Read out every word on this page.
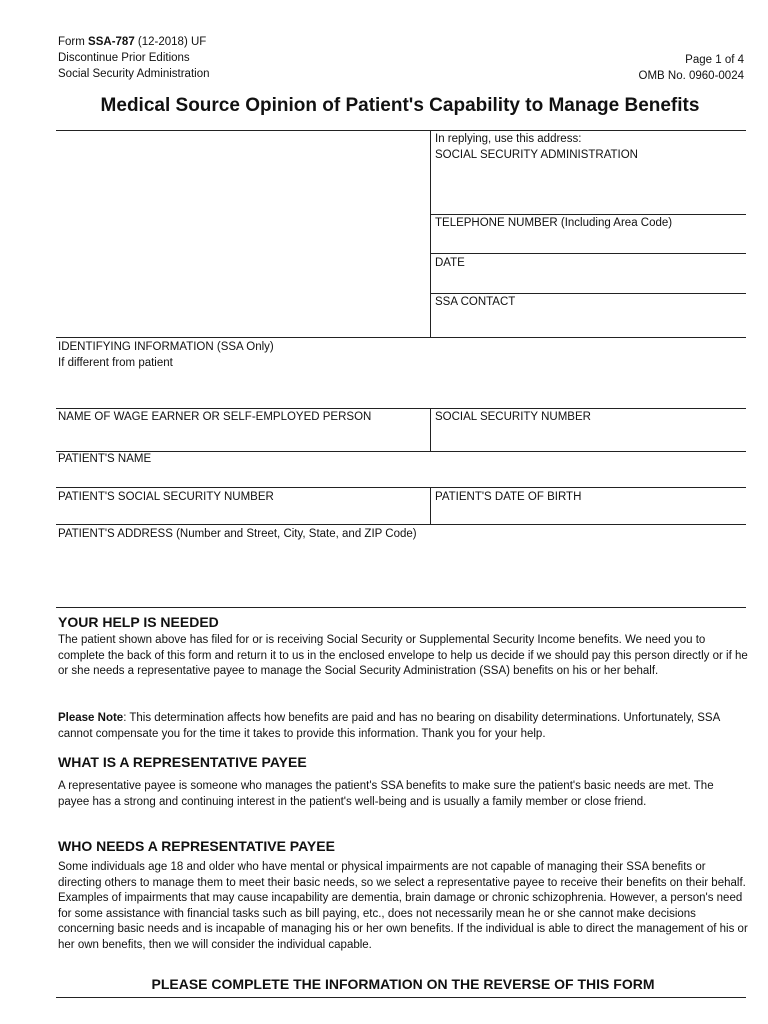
Form SSA-787 (12-2018) UF
Discontinue Prior Editions
Social Security Administration
Page 1 of 4
OMB No. 0960-0024
Medical Source Opinion of Patient's Capability to Manage Benefits
In replying, use this address:
SOCIAL SECURITY ADMINISTRATION
TELEPHONE NUMBER (Including Area Code)
DATE
SSA CONTACT
IDENTIFYING INFORMATION (SSA Only)
If different from patient
NAME OF WAGE EARNER OR SELF-EMPLOYED PERSON	SOCIAL SECURITY NUMBER
PATIENT'S NAME
PATIENT'S SOCIAL SECURITY NUMBER	PATIENT'S DATE OF BIRTH
PATIENT'S ADDRESS (Number and Street, City, State, and ZIP Code)
YOUR HELP IS NEEDED
The patient shown above has filed for or is receiving Social Security or Supplemental Security Income benefits. We need you to complete the back of this form and return it to us in the enclosed envelope to help us decide if we should pay this person directly or if he or she needs a representative payee to manage the Social Security Administration (SSA) benefits on his or her behalf.
Please Note: This determination affects how benefits are paid and has no bearing on disability determinations. Unfortunately, SSA cannot compensate you for the time it takes to provide this information. Thank you for your help.
WHAT IS A REPRESENTATIVE PAYEE
A representative payee is someone who manages the patient's SSA benefits to make sure the patient's basic needs are met. The payee has a strong and continuing interest in the patient's well-being and is usually a family member or close friend.
WHO NEEDS A REPRESENTATIVE PAYEE
Some individuals age 18 and older who have mental or physical impairments are not capable of managing their SSA benefits or directing others to manage them to meet their basic needs, so we select a representative payee to receive their benefits on their behalf. Examples of impairments that may cause incapability are dementia, brain damage or chronic schizophrenia. However, a person's need for some assistance with financial tasks such as bill paying, etc., does not necessarily mean he or she cannot make decisions concerning basic needs and is incapable of managing his or her own benefits. If the individual is able to direct the management of his or her own benefits, then we will consider the individual capable.
PLEASE COMPLETE THE INFORMATION ON THE REVERSE OF THIS FORM
